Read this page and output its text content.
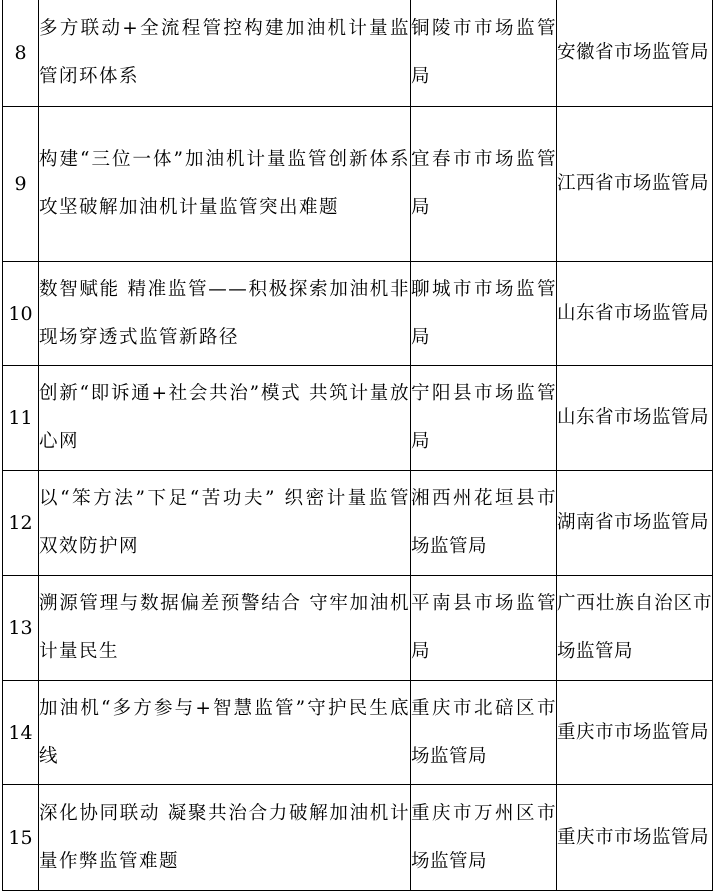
8	多方联动+全流程管控构建加油机计量监管闭环体系	铜陵市市场监管局	安徽省市场监管局

9	构建“三位一体”加油机计量监管创新体系 攻坚破解加油机计量监管突出难题	宜春市市场监管局	江西省市场监管局

10	数智赋能 精准监管——积极探索加油机非现场穿透式监管新路径	聊城市市场监管局	山东省市场监管局

11	创新“即诉通+社会共治”模式 共筑计量放心网	宁阳县市场监管局	山东省市场监管局

12	以“笨方法”下足“苦功夫” 织密计量监管双效防护网	湘西州花垣县市场监管局	湖南省市场监管局

13	溯源管理与数据偏差预警结合 守牢加油机计量民生	平南县市场监管局	广西壮族自治区市场监管局

14	加油机“多方参与+智慧监管”守护民生底线	重庆市北碚区市场监管局	重庆市市场监管局

15	深化协同联动 凝聚共治合力破解加油机计量作弊监管难题	重庆市万州区市场监管局	重庆市市场监管局
